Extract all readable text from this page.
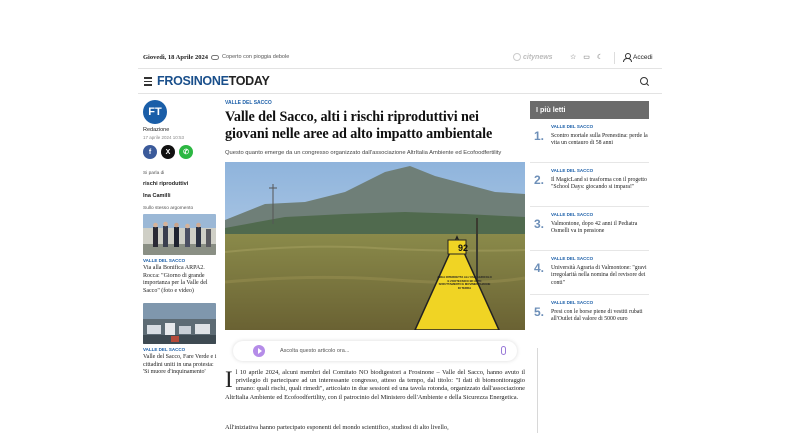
Giovedì, 18 Aprile 2024	Coperto con pioggia debole	citynews ☆ ▭ ☾	Accedi
FROSINONETODAY
FT
Redazione
17 aprile 2024 10:53
f	X	✆
Si parla di
rischi riproduttivi
Ina Camilli
Sullo stesso argomento
VALLE DEL SACCO
Via alla Bonifica ARPA2. Rocca: "Giorno di grande importanza per la Valle del Sacco" (foto e video)
VALLE DEL SACCO
Valle del Sacco, Fare Verde e i cittadini uniti in una protesta: 'Si muore d'inquinamento'
VALLE DEL SACCO
Valle del Sacco, alti i rischi riproduttivi nei giovani nelle aree ad alto impatto ambientale
Questo quanto emerge da un congresso organizzato dall'associazione AltrItalia Ambiente ed Ecofoodfertility
92
AREA INTERDETTA ALL'USO AGRICOLO E ZOOTECNICO ED ALTO SFRUTTAMENTO E MOVIMENTAZIONE DI TERRA
Ascolta questo articolo ora...
I l 10 aprile 2024, alcuni membri del Comitato NO biodigestori a Frosinone – Valle del Sacco, hanno avuto il privilegio di partecipare ad un interessante congresso, atteso da tempo, dal titolo: "I dati di biomonitoraggio umano: quali rischi, quali rimedi", articolato in due sessioni ed una tavola rotonda, organizzato dall'associazione AltrItalia Ambiente ed Ecofoodfertility, con il patrocinio del Ministero dell'Ambiente e della Sicurezza Energetica.
All'iniziativa hanno partecipato esponenti del mondo scientifico, studiosi di alto livello,
I più letti
1.
VALLE DEL SACCO
Scontro mortale sulla Prenestina: perde la vita un centauro di 58 anni
2.
VALLE DEL SACCO
Il MagicLand si trasforma con il progetto "School Days: giocando si impara!"
3.
VALLE DEL SACCO
Valmontone, dopo 42 anni il Pediatra Osmelli va in pensione
4.
VALLE DEL SACCO
Università Agraria di Valmontone: "gravi irregolarità nella nomina del revisore dei conti"
5.
VALLE DEL SACCO
Presi con le borse piene di vestiti rubati all'Outlet dal valore di 5000 euro
